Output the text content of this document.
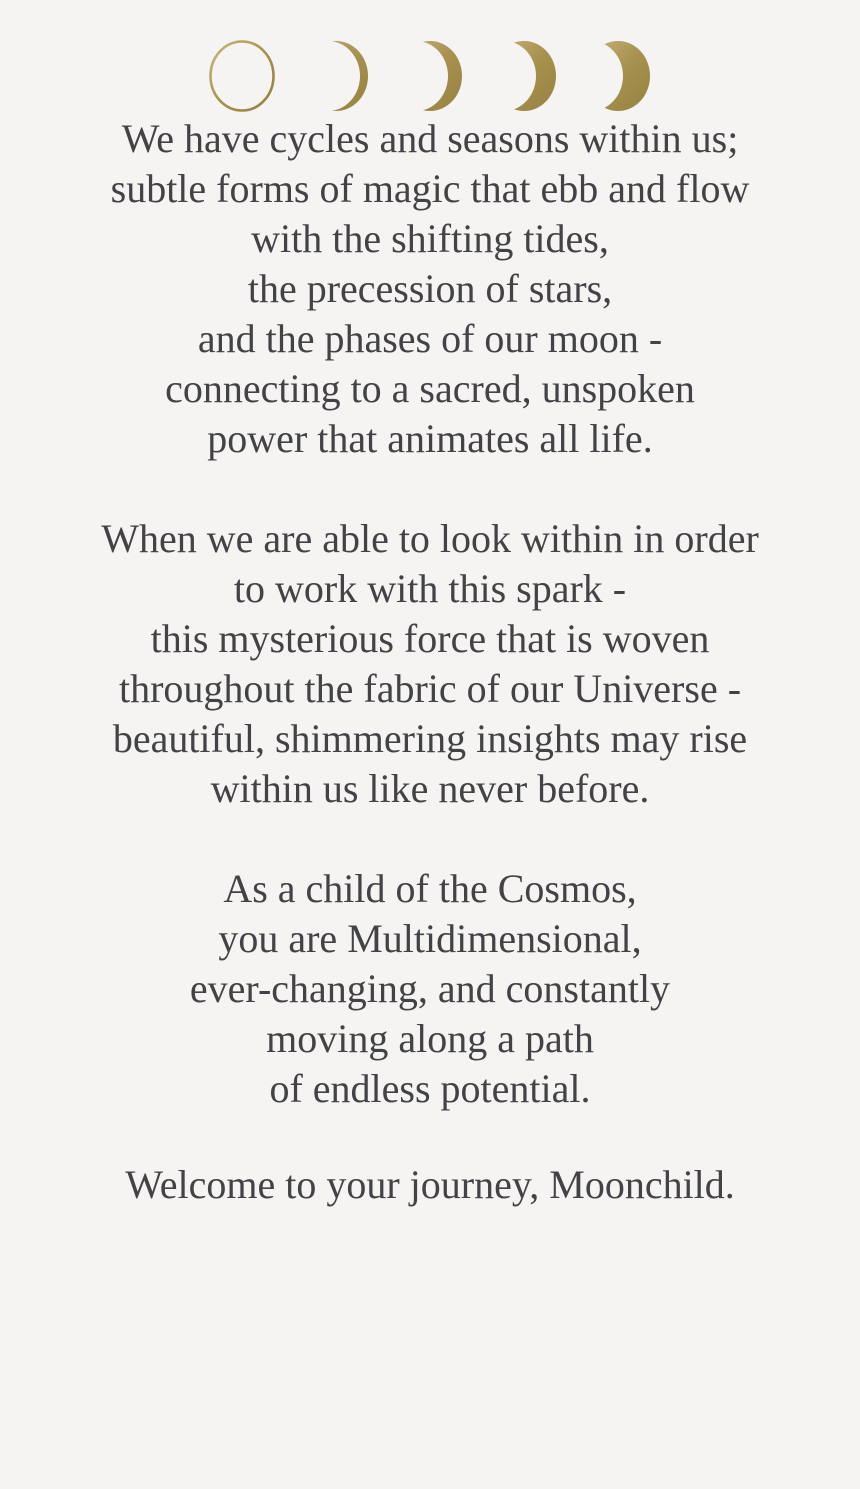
We have cycles and seasons within us;
subtle forms of magic that ebb and flow
with the shifting tides,
the precession of stars,
and the phases of our moon -
connecting to a sacred, unspoken
power that animates all life.

When we are able to look within in order
to work with this spark -
this mysterious force that is woven
throughout the fabric of our Universe -
beautiful, shimmering insights may rise
within us like never before.

As a child of the Cosmos,
you are Multidimensional,
ever-changing, and constantly
moving along a path
of endless potential.

Welcome to your journey, Moonchild.
